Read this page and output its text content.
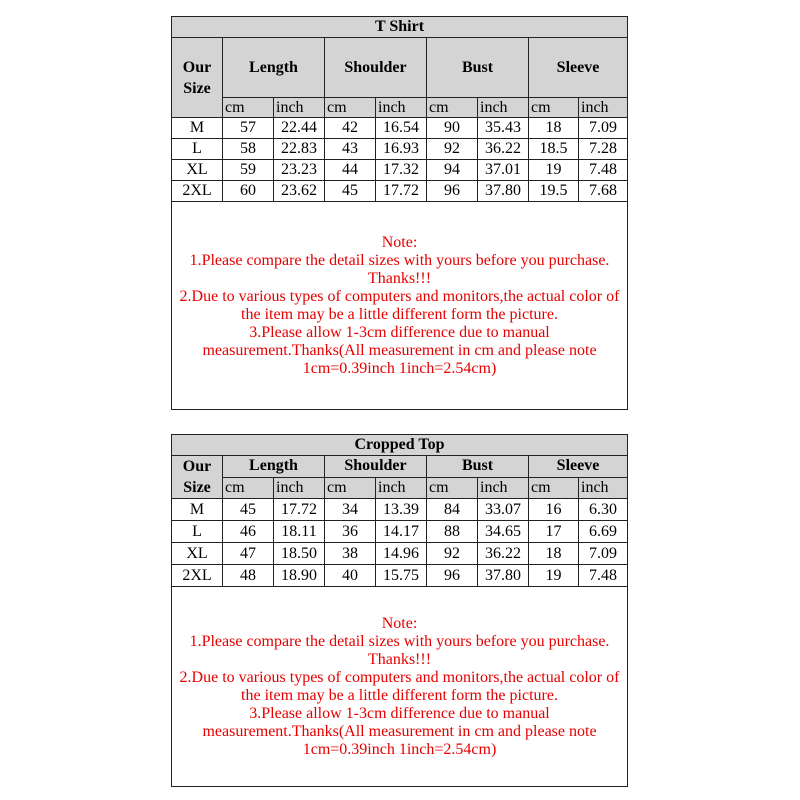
T Shirt								
Our
Size	Length		Shoulder		Bust		Sleeve	
	cm	inch	cm	inch	cm	inch	cm	inch
M	57	22.44	42	16.54	90	35.43	18	7.09
L	58	22.83	43	16.93	92	36.22	18.5	7.28
XL	59	23.23	44	17.32	94	37.01	19	7.48
2XL	60	23.62	45	17.72	96	37.80	19.5	7.68

Note:

1.Please compare the detail sizes with yours before you purchase. Thanks!!!

2.Due to various types of computers and monitors,the actual color of the item may be a little different form the picture.

3.Please allow 1-3cm difference due to manual measurement.Thanks(All measurement in cm and please note 1cm=0.39inch 1inch=2.54cm)								

Cropped Top								
Our
Size	Length		Shoulder		Bust		Sleeve	
	cm	inch	cm	inch	cm	inch	cm	inch
M	45	17.72	34	13.39	84	33.07	16	6.30
L	46	18.11	36	14.17	88	34.65	17	6.69
XL	47	18.50	38	14.96	92	36.22	18	7.09
2XL	48	18.90	40	15.75	96	37.80	19	7.48

Note:

1.Please compare the detail sizes with yours before you purchase. Thanks!!!

2.Due to various types of computers and monitors,the actual color of the item may be a little different form the picture.

3.Please allow 1-3cm difference due to manual measurement.Thanks(All measurement in cm and please note 1cm=0.39inch 1inch=2.54cm)								
